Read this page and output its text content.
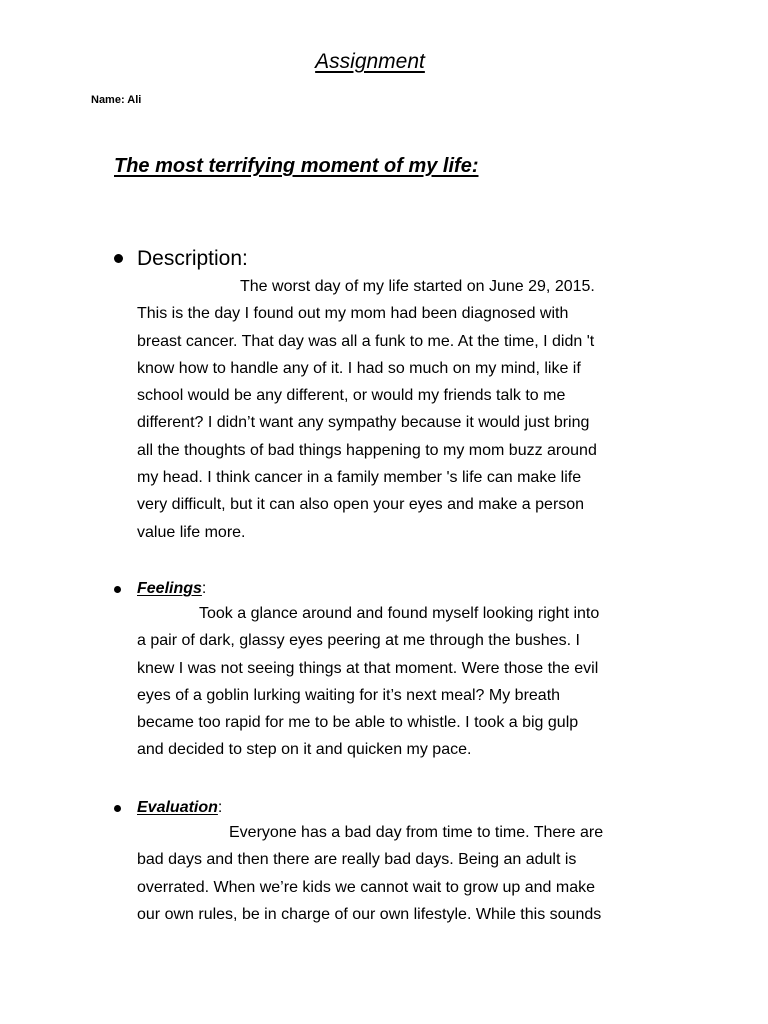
Assignment
Name: Ali
The most terrifying moment of my life:
Description:

The worst day of my life started on June 29, 2015.
This is the day I found out my mom had been diagnosed with
breast cancer. That day was all a funk to me. At the time, I didn 't
know how to handle any of it. I had so much on my mind, like if
school would be any different, or would my friends talk to me
different? I didn’t want any sympathy because it would just bring
all the thoughts of bad things happening to my mom buzz around
my head. I think cancer in a family member 's life can make life
very difficult, but it can also open your eyes and make a person
value life more.

Feelings:

Took a glance around and found myself looking right into
a pair of dark, glassy eyes peering at me through the bushes. I
knew I was not seeing things at that moment. Were those the evil
eyes of a goblin lurking waiting for it’s next meal? My breath
became too rapid for me to be able to whistle. I took a big gulp
and decided to step on it and quicken my pace.

Evaluation:

Everyone has a bad day from time to time. There are
bad days and then there are really bad days. Being an adult is
overrated. When we’re kids we cannot wait to grow up and make
our own rules, be in charge of our own lifestyle. While this sounds
